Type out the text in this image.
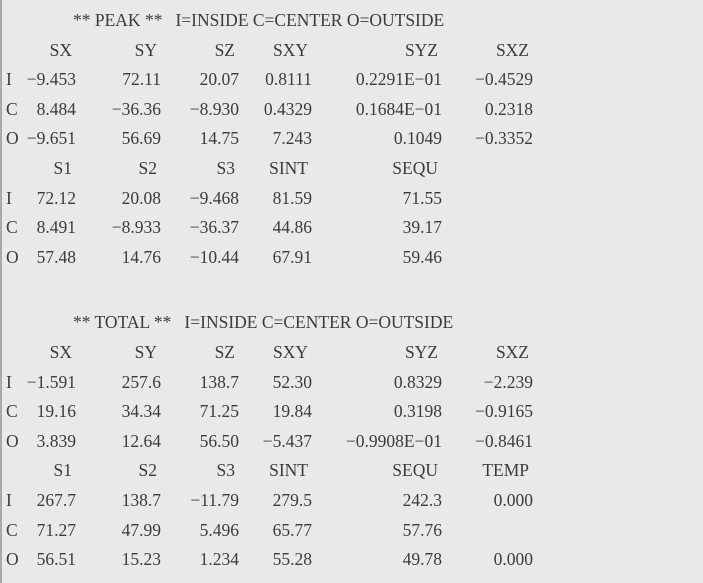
** PEAK ** I=INSIDE C=CENTER O=OUTSIDE
	SX	SY	SZ	SXY	SYZ	SXZ
I	−9.453	72.11	20.07	0.8111	0.2291E−01	−0.4529
C	8.484	−36.36	−8.930	0.4329	0.1684E−01	0.2318
O	−9.651	56.69	14.75	7.243	0.1049	−0.3352
	S1	S2	S3	SINT	SEQU	
I	72.12	20.08	−9.468	81.59	71.55	
C	8.491	−8.933	−36.37	44.86	39.17	
O	57.48	14.76	−10.44	67.91	59.46	
** TOTAL ** I=INSIDE C=CENTER O=OUTSIDE
	SX	SY	SZ	SXY	SYZ	SXZ
I	−1.591	257.6	138.7	52.30	0.8329	−2.239
C	19.16	34.34	71.25	19.84	0.3198	−0.9165
O	3.839	12.64	56.50	−5.437	−0.9908E−01	−0.8461
	S1	S2	S3	SINT	SEQU	TEMP
I	267.7	138.7	−11.79	279.5	242.3	0.000
C	71.27	47.99	5.496	65.77	57.76	
O	56.51	15.23	1.234	55.28	49.78	0.000
